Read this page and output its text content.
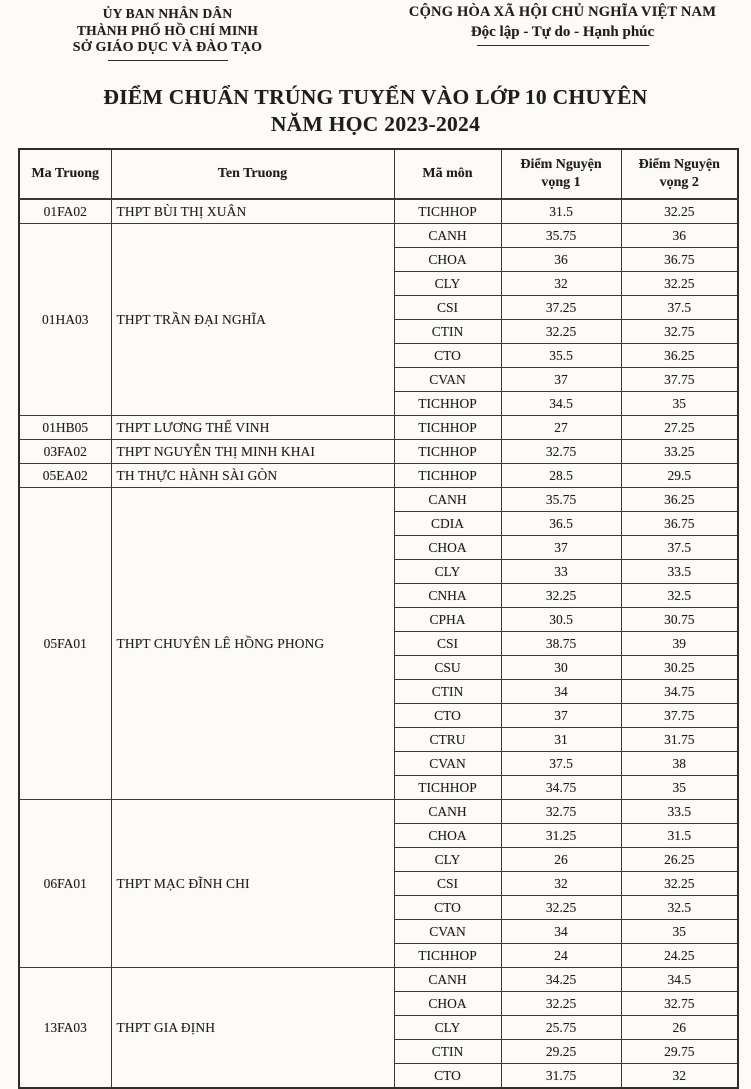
ỦY BAN NHÂN DÂN
THÀNH PHỐ HỒ CHÍ MINH
SỞ GIÁO DỤC VÀ ĐÀO TẠO
CỘNG HÒA XÃ HỘI CHỦ NGHĨA VIỆT NAM
Độc lập - Tự do - Hạnh phúc
ĐIỂM CHUẨN TRÚNG TUYỂN VÀO LỚP 10 CHUYÊN
NĂM HỌC 2023-2024
Ma Truong	Ten Truong	Mã môn	Điểm Nguyện vọng 1	Điểm Nguyện vọng 2
01FA02	THPT BÙI THỊ XUÂN	TICHHOP	31.5	32.25
01HA03	THPT TRẦN ĐẠI NGHĨA	CANH	35.75	36
		CHOA	36	36.75
		CLY	32	32.25
		CSI	37.25	37.5
		CTIN	32.25	32.75
		CTO	35.5	36.25
		CVAN	37	37.75
		TICHHOP	34.5	35
01HB05	THPT LƯƠNG THẾ VINH	TICHHOP	27	27.25
03FA02	THPT NGUYỄN THỊ MINH KHAI	TICHHOP	32.75	33.25
05EA02	TH THỰC HÀNH SÀI GÒN	TICHHOP	28.5	29.5
05FA01	THPT CHUYÊN LÊ HỒNG PHONG	CANH	35.75	36.25
		CDIA	36.5	36.75
		CHOA	37	37.5
		CLY	33	33.5
		CNHA	32.25	32.5
		CPHA	30.5	30.75
		CSI	38.75	39
		CSU	30	30.25
		CTIN	34	34.75
		CTO	37	37.75
		CTRU	31	31.75
		CVAN	37.5	38
		TICHHOP	34.75	35
06FA01	THPT MẠC ĐĨNH CHI	CANH	32.75	33.5
		CHOA	31.25	31.5
		CLY	26	26.25
		CSI	32	32.25
		CTO	32.25	32.5
		CVAN	34	35
		TICHHOP	24	24.25
13FA03	THPT GIA ĐỊNH	CANH	34.25	34.5
		CHOA	32.25	32.75
		CLY	25.75	26
		CTIN	29.25	29.75
		CTO	31.75	32
